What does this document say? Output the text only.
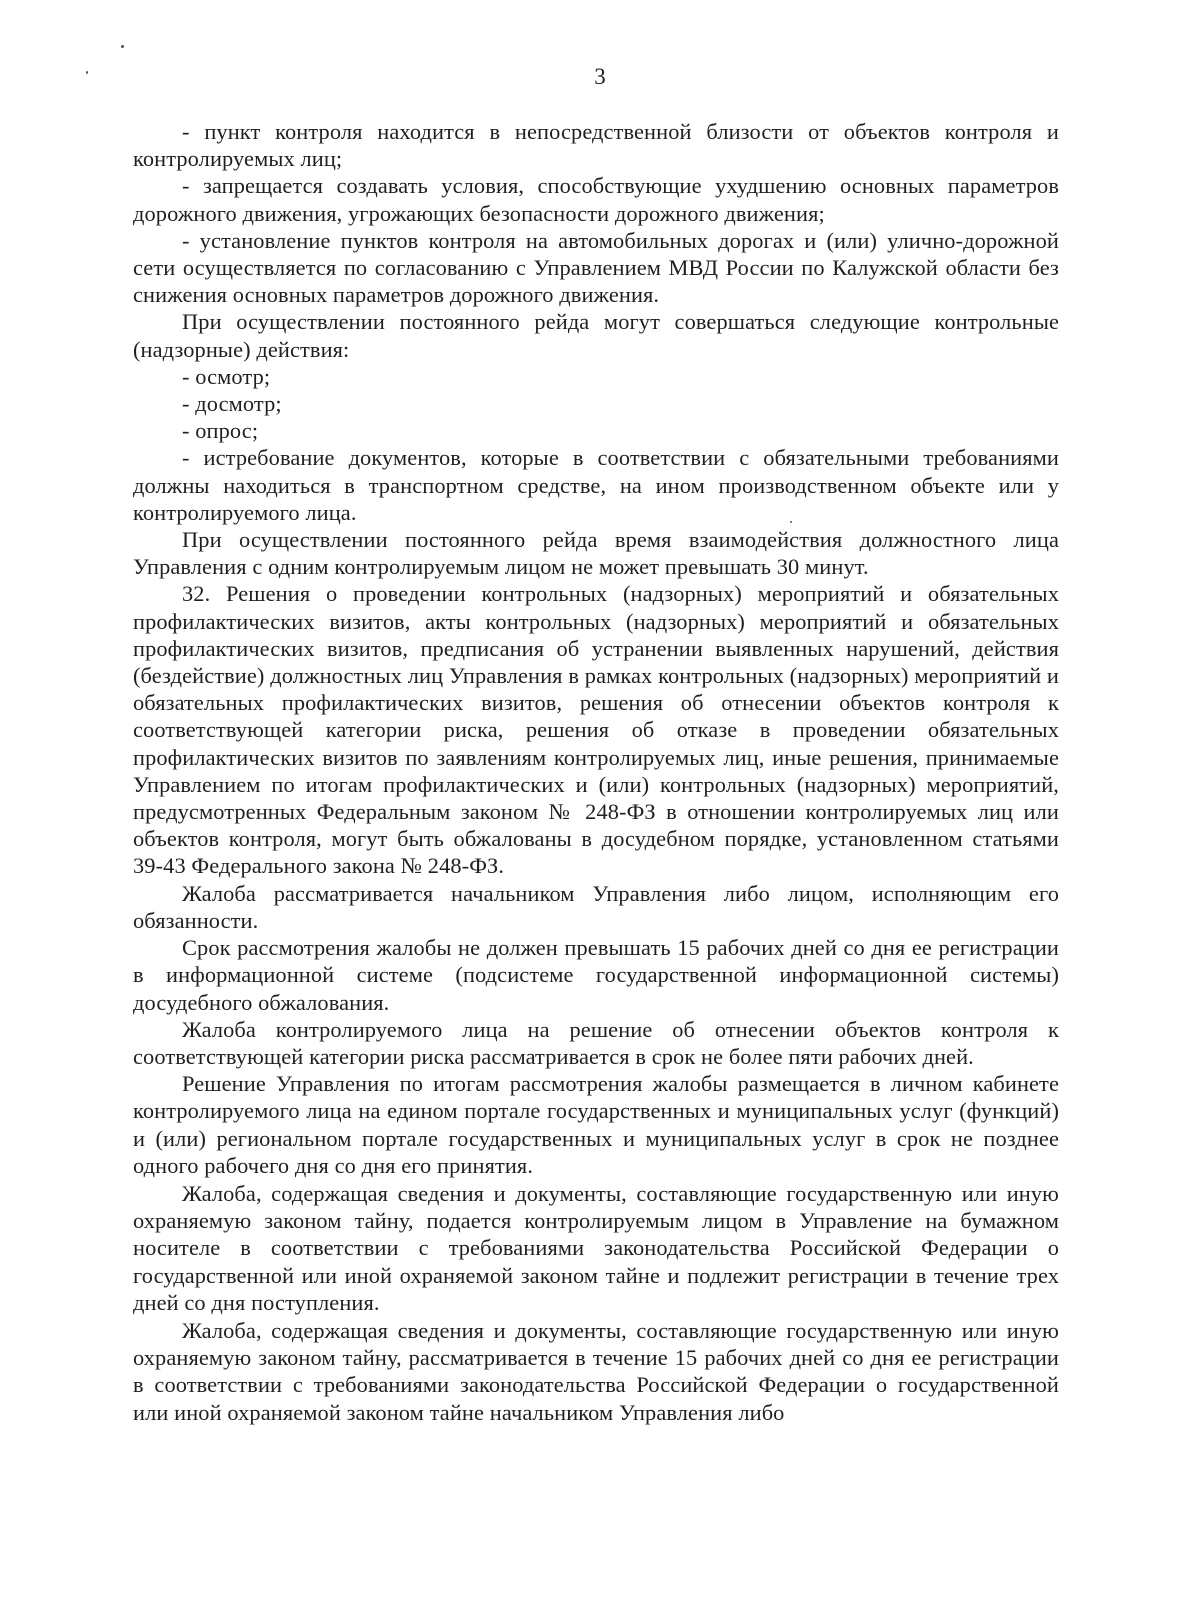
3

- пункт контроля находится в непосредственной близости от объектов контроля и контролируемых лиц;

- запрещается создавать условия, способствующие ухудшению основных параметров дорожного движения, угрожающих безопасности дорожного движения;

- установление пунктов контроля на автомобильных дорогах и (или) улично-дорожной сети осуществляется по согласованию с Управлением МВД России по Калужской области без снижения основных параметров дорожного движения.

При осуществлении постоянного рейда могут совершаться следующие контрольные (надзорные) действия:

- осмотр;

- досмотр;

- опрос;

- истребование документов, которые в соответствии с обязательными требованиями должны находиться в транспортном средстве, на ином производственном объекте или у контролируемого лица.

При осуществлении постоянного рейда время взаимодействия должностного лица Управления с одним контролируемым лицом не может превышать 30 минут.

32. Решения о проведении контрольных (надзорных) мероприятий и обязательных профилактических визитов, акты контрольных (надзорных) мероприятий и обязательных профилактических визитов, предписания об устранении выявленных нарушений, действия (бездействие) должностных лиц Управления в рамках контрольных (надзорных) мероприятий и обязательных профилактических визитов, решения об отнесении объектов контроля к соответствующей категории риска, решения об отказе в проведении обязательных профилактических визитов по заявлениям контролируемых лиц, иные решения, принимаемые Управлением по итогам профилактических и (или) контрольных (надзорных) мероприятий, предусмотренных Федеральным законом № 248-ФЗ в отношении контролируемых лиц или объектов контроля, могут быть обжалованы в досудебном порядке, установленном статьями 39-43 Федерального закона № 248-ФЗ.

Жалоба рассматривается начальником Управления либо лицом, исполняющим его обязанности.

Срок рассмотрения жалобы не должен превышать 15 рабочих дней со дня ее регистрации в информационной системе (подсистеме государственной информационной системы) досудебного обжалования.

Жалоба контролируемого лица на решение об отнесении объектов контроля к соответствующей категории риска рассматривается в срок не более пяти рабочих дней.

Решение Управления по итогам рассмотрения жалобы размещается в личном кабинете контролируемого лица на едином портале государственных и муниципальных услуг (функций) и (или) региональном портале государственных и муниципальных услуг в срок не позднее одного рабочего дня со дня его принятия.

Жалоба, содержащая сведения и документы, составляющие государственную или иную охраняемую законом тайну, подается контролируемым лицом в Управление на бумажном носителе в соответствии с требованиями законодательства Российской Федерации о государственной или иной охраняемой законом тайне и подлежит регистрации в течение трех дней со дня поступления.

Жалоба, содержащая сведения и документы, составляющие государственную или иную охраняемую законом тайну, рассматривается в течение 15 рабочих дней со дня ее регистрации в соответствии с требованиями законодательства Российской Федерации о государственной или иной охраняемой законом тайне начальником Управления либо
